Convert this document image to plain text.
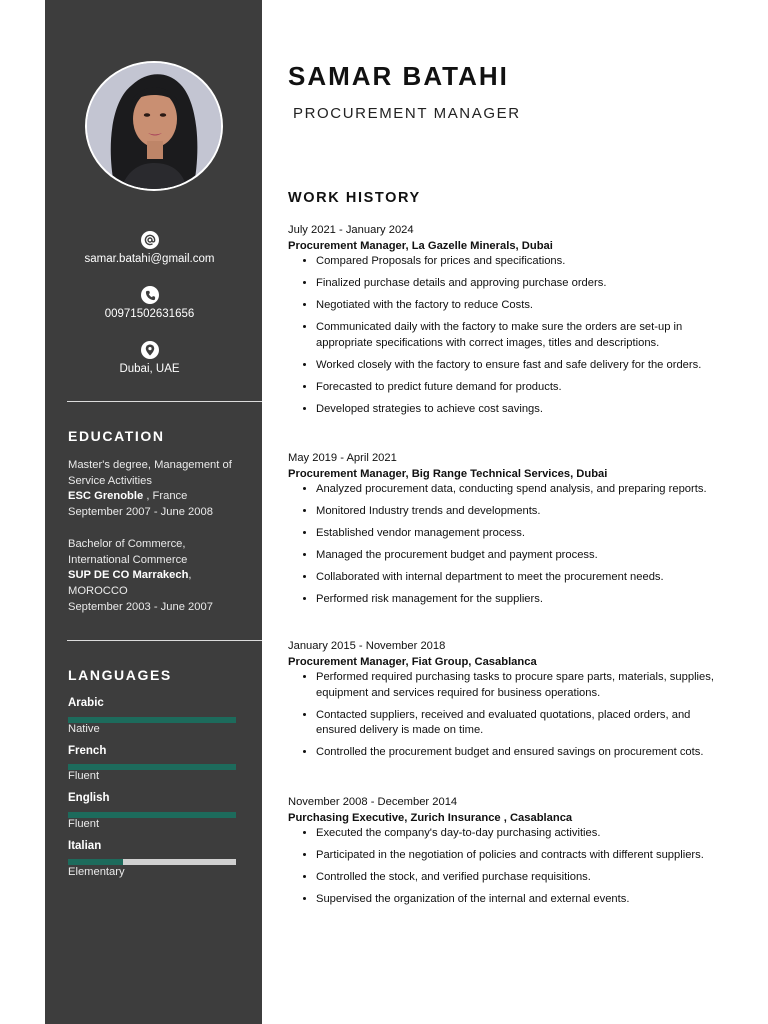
samar.batahi@gmail.com
00971502631656
Dubai, UAE
EDUCATION
Master's degree, Management of Service Activities
ESC Grenoble , France
September 2007 - June 2008
Bachelor of Commerce, International Commerce
SUP DE CO Marrakech, MOROCCO
September 2003 - June 2007
LANGUAGES
Arabic
Native
French
Fluent
English
Fluent
Italian
Elementary
SAMAR BATAHI
PROCUREMENT MANAGER
WORK HISTORY
July 2021 - January 2024
Procurement Manager, La Gazelle Minerals, Dubai
• Compared Proposals for prices and specifications.
• Finalized purchase details and approving purchase orders.
• Negotiated with the factory to reduce Costs.
• Communicated daily with the factory to make sure the orders are set-up in appropriate specifications with correct images, titles and descriptions.
• Worked closely with the factory to ensure fast and safe delivery for the orders.
• Forecasted to predict future demand for products.
• Developed strategies to achieve cost savings.
May 2019 - April 2021
Procurement Manager, Big Range Technical Services, Dubai
• Analyzed procurement data, conducting spend analysis, and preparing reports.
• Monitored Industry trends and developments.
• Established vendor management process.
• Managed the procurement budget and payment process.
• Collaborated with internal department to meet the procurement needs.
• Performed risk management for the suppliers.
January 2015 - November 2018
Procurement Manager, Fiat Group, Casablanca
• Performed required purchasing tasks to procure spare parts, materials, supplies, equipment and services required for business operations.
• Contacted suppliers, received and evaluated quotations, placed orders, and ensured delivery is made on time.
• Controlled the procurement budget and ensured savings on procurement cots.
November 2008 - December 2014
Purchasing Executive, Zurich Insurance , Casablanca
• Executed the company's day-to-day purchasing activities.
• Participated in the negotiation of policies and contracts with different suppliers.
• Controlled the stock, and verified purchase requisitions.
• Supervised the organization of the internal and external events.
